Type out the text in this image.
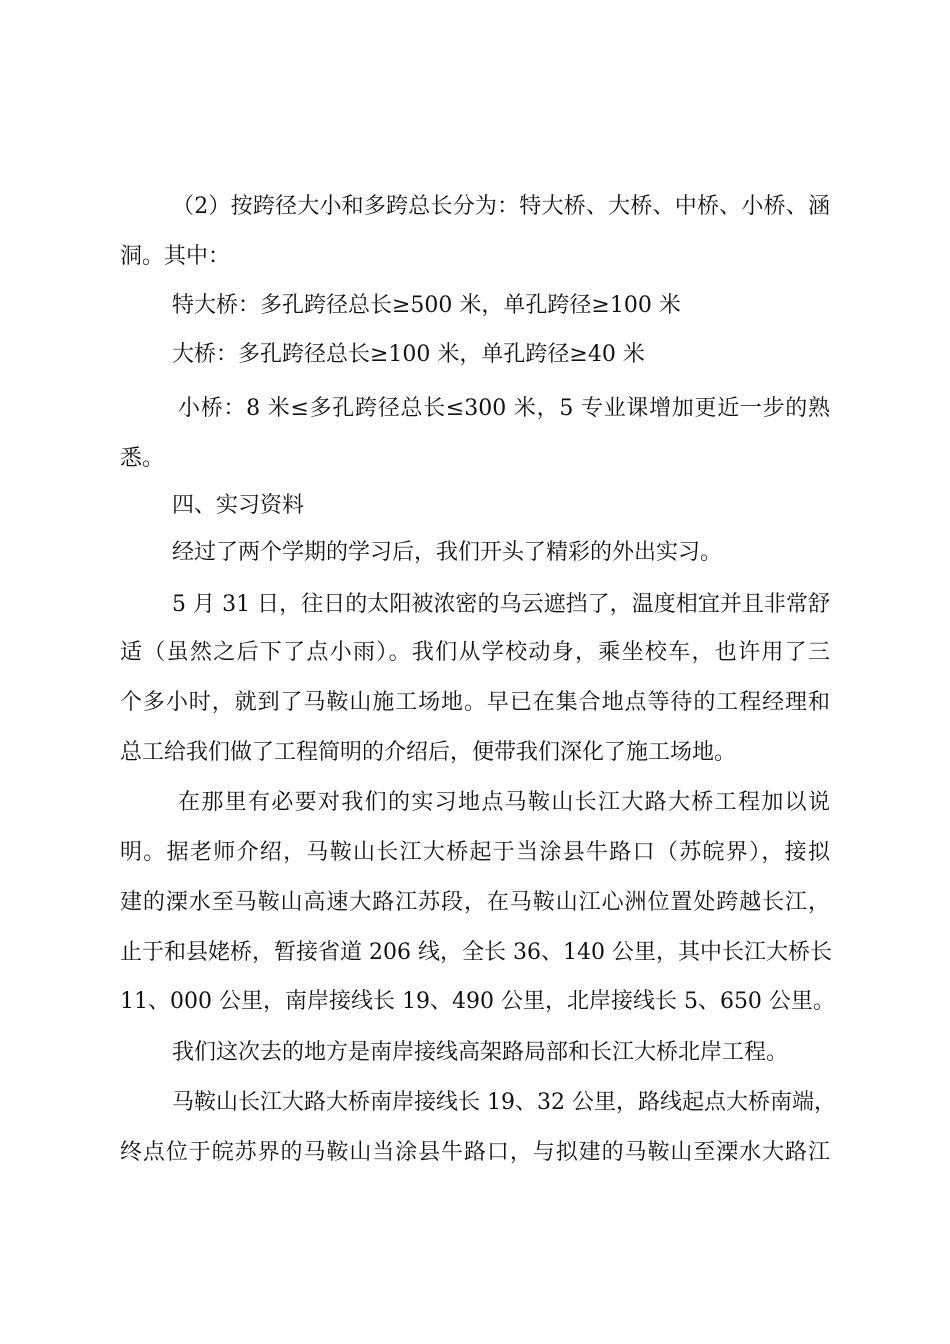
（2）按跨径大小和多跨总长分为：特大桥、大桥、中桥、小桥、涵
洞。其中：
特大桥：多孔跨径总长≥500 米，单孔跨径≥100 米
大桥：多孔跨径总长≥100 米，单孔跨径≥40 米
小桥：8 米≤多孔跨径总长≤300 米，5 专业课增加更近一步的熟
悉。
四、实习资料
经过了两个学期的学习后，我们开头了精彩的外出实习。
5 月 31 日，往日的太阳被浓密的乌云遮挡了，温度相宜并且非常舒
适（虽然之后下了点小雨）。我们从学校动身，乘坐校车，也许用了三
个多小时，就到了马鞍山施工场地。早已在集合地点等待的工程经理和
总工给我们做了工程简明的介绍后，便带我们深化了施工场地。
在那里有必要对我们的实习地点马鞍山长江大路大桥工程加以说
明。据老师介绍，马鞍山长江大桥起于当涂县牛路口（苏皖界），接拟
建的溧水至马鞍山高速大路江苏段，在马鞍山江心洲位置处跨越长江，
止于和县姥桥，暂接省道 206 线，全长 36、140 公里，其中长江大桥长
11、000 公里，南岸接线长 19、490 公里，北岸接线长 5、650 公里。
我们这次去的地方是南岸接线高架路局部和长江大桥北岸工程。
马鞍山长江大路大桥南岸接线长 19、32 公里，路线起点大桥南端，
终点位于皖苏界的马鞍山当涂县牛路口，与拟建的马鞍山至溧水大路江
